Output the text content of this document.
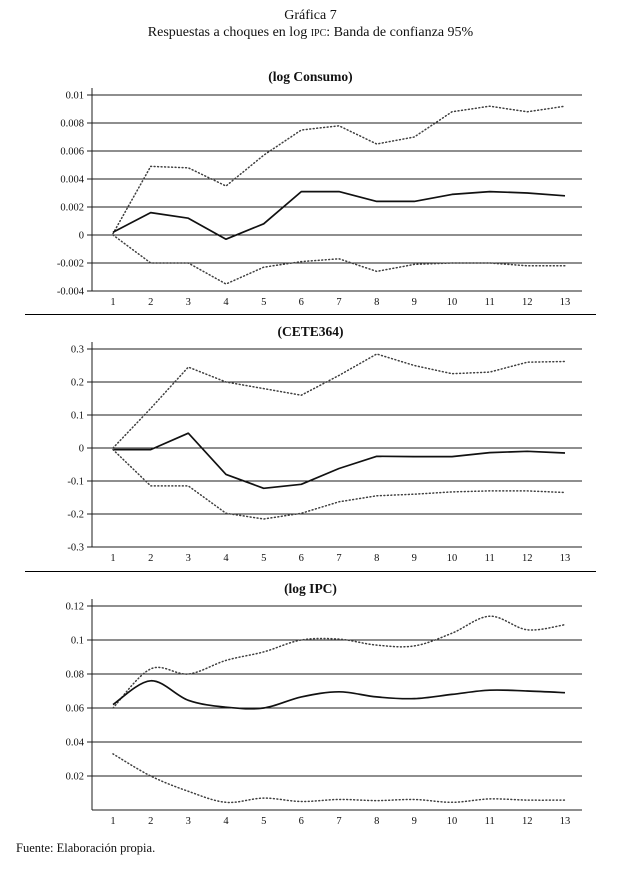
Gráfica 7
Respuestas a choques en log ipc: Banda de confianza 95%
(log Consumo)
0.01
0.008
0.006
0.004
0.002
0
-0.002
-0.004
1	2	3	4	5	6	7	8	9	10	11	12	13
(CETE364)
0.3
0.2
0.1
0
-0.1
-0.2
-0.3
1	2	3	4	5	6	7	8	9	10	11	12	13
(log IPC)
0.12
0.1
0.08
0.06
0.04
0.02
1	2	3	4	5	6	7	8	9	10	11	12	13
Fuente: Elaboración propia.
